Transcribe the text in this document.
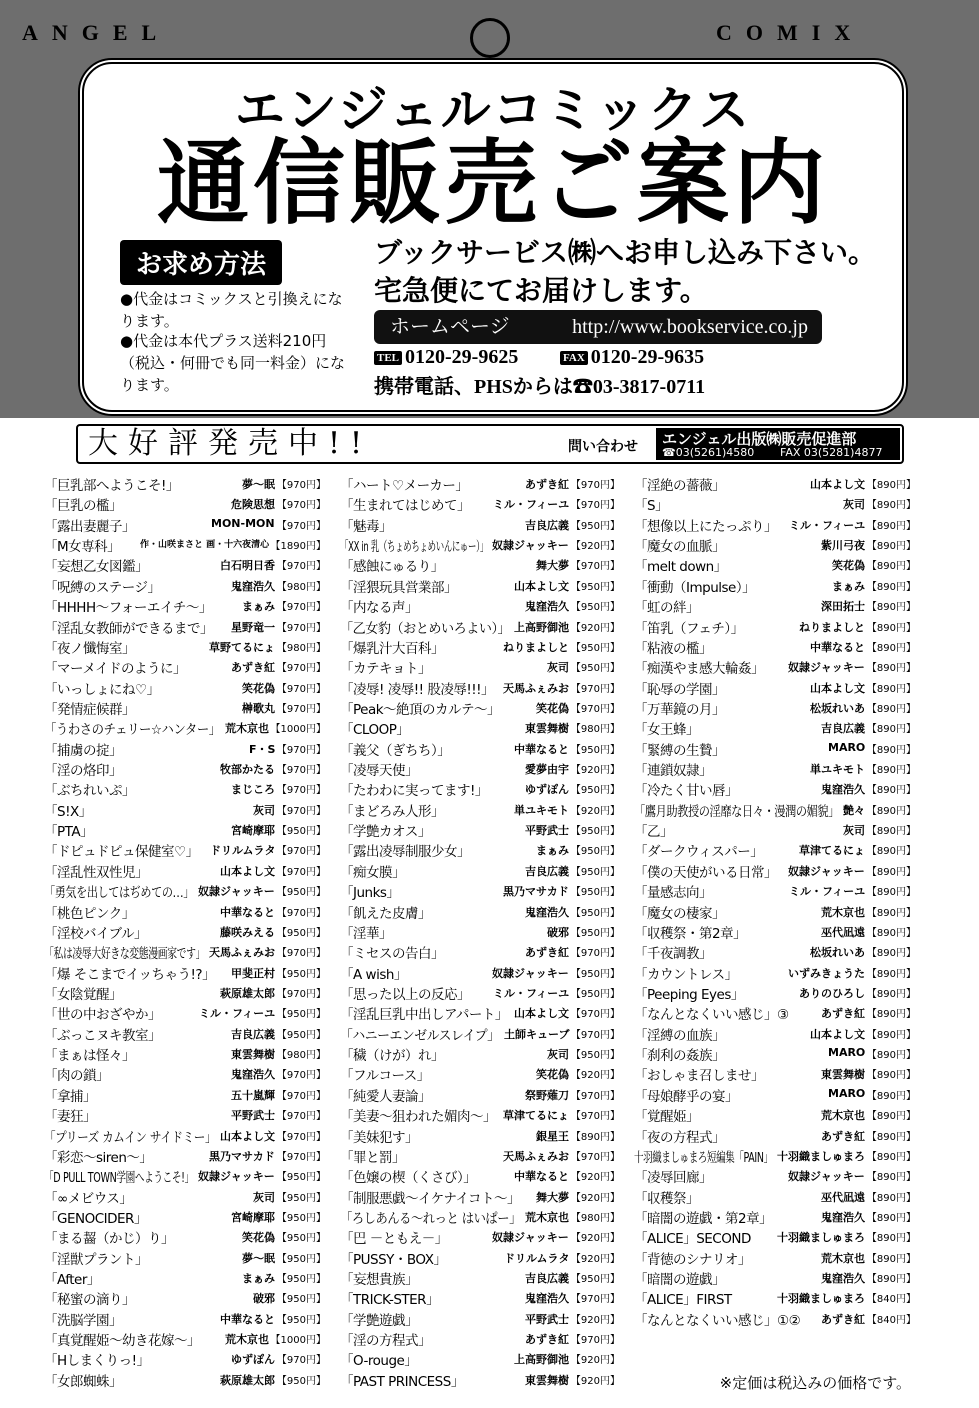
ANGEL	COMIX
エンジェルコミックス
通信販売ご案内
お求め方法
●代金はコミックスと引換えになります。
●代金は本代プラス送料210円（税込・何冊でも同一料金）になります。
ブックサービス㈱へお申し込み下さい。
宅急便にてお届けします。
ホームページ	http://www.bookservice.co.jp
TEL 0120-29-9625	FAX 0120-29-9635
携帯電話、PHSからは☎03-3817-0711
大好評発売中!!	問い合わせ エンジェル出版㈱販売促進部
☎03(5261)4580 FAX 03(5281)4877
「巨乳部へようこそ!」	夢～眠 【970円】
「巨乳の檻」	危険思想 【970円】
「露出妻麗子」	MON-MON 【970円】
「M女専科」 作・山咲まさと 画・十六夜清心 【1890円】
「妄想乙女図鑑」	白石明日香 【970円】
「呪縛のステージ」	鬼窪浩久 【980円】
「HHHH～フォーエイチ～」	まぁみ 【970円】
「淫乱女教師ができるまで」 星野竜一 【970円】
「夜ノ懺悔室」	草野てるにょ 【980円】
「マーメイドのように」	あずき紅 【970円】
「いっしょにね♡」	笑花偽 【970円】
「発情症候群」	榊歌丸 【970円】
「うわさのチェリー☆ハンター」 荒木京也 【1000円】
「捕虜の掟」	F・S 【970円】
「淫の烙印」	牧部かたる 【970円】
「ぶちれいぷ」	まじころ 【970円】
「S!X」	灰司 【970円】
「PTA」	宮崎摩耶 【950円】
「ドピュドピュ保健室♡」 ドリルムラタ 【970円】
「淫乱性双性児」	山本よし文 【970円】
「勇気を出してはぢめての…」 奴隷ジャッキー 【950円】
「桃色ピンク」	中華なると 【970円】
「淫校バイブル」	藤咲みえる 【950円】
「私は凌辱大好きな変態漫画家です」 天馬ふぇみお 【970円】
「爆 そこまでイッちゃう!?」 甲斐正村 【950円】
「女陰覚醒」	萩原雄太郎 【970円】
「世の中おざやか」	ミル・フィーユ 【950円】
「ぶっこヌキ教室」	吉良広義 【950円】
「まぁは怪々」	東雲舞樹 【980円】
「肉の鎖」	鬼窪浩久 【970円】
「拿捕」	五十嵐輝 【970円】
「妻狂」	平野武士 【970円】
「プリーズ カムイン サイドミー」 山本よし文 【970円】
「彩恋～siren～」	黒乃マサカド 【970円】
「D PULL TOWN学園へようこそ!」 奴隷ジャッキー 【950円】
「∞メビウス」	灰司 【950円】
「GENOCIDER」	宮崎摩耶 【950円】
「まる齧（かじ）り」	笑花偽 【950円】
「淫獣プラント」	夢～眠 【950円】
「After」	まぁみ 【950円】
「秘蜜の滴り」	破邪 【950円】
「洗脳学園」	中華なると 【950円】
「真覚醒姫～幼き花嫁～」 荒木京也 【1000円】
「Hしまくりっ!」	ゆずぽん 【970円】
「女郎蜘蛛」	萩原雄太郎 【950円】
「ハート♡メーカー」	あずき紅 【970円】
「生まれてはじめて」 ミル・フィーユ 【970円】
「魅毒」	吉良広義 【950円】
「XX in 乳（ちょめちょめいんにゅー）」 奴隷ジャッキー 【920円】
「感蝕にゅるり」	舞大夢 【970円】
「淫猥玩具営業部」	山本よし文 【950円】
「内なる声」	鬼窪浩久 【950円】
「乙女豹（おとめいろよい）」 上高野御池 【920円】
「爆乳汁大百科」	ねりまよしと 【950円】
「カテキョト」	灰司 【950円】
「凌辱! 凌辱!! 股凌辱!!!」 天馬ふぇみお 【970円】
「Peak～絶頂のカルテ～」	笑花偽 【970円】
「CLOOP」	東雲舞樹 【980円】
「義父（ぎちち）」	中華なると 【950円】
「凌辱天使」	愛夢由宇 【920円】
「たわわに実ってます!」	ゆずぽん 【950円】
「まどろみ人形」	単ユキモト 【920円】
「学艶カオス」	平野武士 【950円】
「露出凌辱制服少女」	まぁみ 【950円】
「痴女膜」	吉良広義 【950円】
「Junks」	黒乃マサカド 【950円】
「飢えた皮膚」	鬼窪浩久 【950円】
「淫華」	破邪 【950円】
「ミセスの告白」	あずき紅 【970円】
「A wish」	奴隷ジャッキー 【950円】
「思った以上の反応」 ミル・フィーユ 【950円】
「淫乱巨乳中出しアパート」 山本よし文 【970円】
「ハニーエンゼルスレイプ」 土師キューブ 【970円】
「穢（けが）れ」	灰司 【950円】
「フルコース」	笑花偽 【920円】
「純愛人妻論」	祭野薙刀 【970円】
「美妻～狙われた媚肉～」 草津てるにょ 【970円】
「美妹犯す」	銀星王 【890円】
「罪と罰」	天馬ふぇみお 【970円】
「色嬢の楔（くさび）」	中華なると 【920円】
「制服悪戯～イケナイコト～」 舞大夢 【920円】
「ろしあんる～れっと はいぱー」 荒木京也 【980円】
「巴 －ともえ－」	奴隷ジャッキー 【920円】
「PUSSY・BOX」	ドリルムラタ 【920円】
「妄想貴族」	吉良広義 【950円】
「TRICK-STER」	鬼窪浩久 【970円】
「学艶遊戯」	平野武士 【920円】
「淫の方程式」	あずき紅 【970円】
「O-rouge」	上高野御池 【920円】
「PAST PRINCESS」	東雲舞樹 【920円】
「淫絶の薔薇」	山本よし文 【890円】
「S」	灰司 【890円】
「想像以上にたっぷり」 ミル・フィーユ 【890円】
「魔女の血脈」	紫川弓夜 【890円】
「melt down」	笑花偽 【890円】
「衝動（Impulse）」	まぁみ 【890円】
「虹の絆」	深田拓士 【890円】
「笛乳（フェチ）」	ねりまよしと 【890円】
「粘液の檻」	中華なると 【890円】
「痴漢やま感大輪姦」 奴隷ジャッキー 【890円】
「恥辱の学園」	山本よし文 【890円】
「万華鏡の月」	松坂れいあ 【890円】
「女王蜂」	吉良広義 【890円】
「緊縛の生贄」	MARO 【890円】
「連鎖奴隷」	単ユキモト 【890円】
「冷たく甘い唇」	鬼窪浩久 【890円】
「鷹月助教授の淫靡な日々・漫潤の媚貌」 艶々 【890円】
「乙」	灰司 【890円】
「ダークウィスパー」	草津てるにょ 【890円】
「僕の天使がいる日常」 奴隷ジャッキー 【890円】
「量感志向」	ミル・フィーユ 【890円】
「魔女の棲家」	荒木京也 【890円】
「収穫祭・第2章」	巫代凪遠 【890円】
「千夜調教」	松坂れいあ 【890円】
「カウントレス」	いずみきょうた 【890円】
「Peeping Eyes」	ありのひろし 【890円】
「なんとなくいい感じ」③	あずき紅 【890円】
「淫縛の血族」	山本よし文 【890円】
「刹利の姦族」	MARO 【890円】
「おしゃま召しませ」	東雲舞樹 【890円】
「母娘酵乎の宴」	MARO 【890円】
「覚醒姫」	荒木京也 【890円】
「夜の方程式」	あずき紅 【890円】
十羽織ましゅまろ短編集「PAIN」 十羽織ましゅまろ 【890円】
「凌辱回廊」	奴隷ジャッキー 【890円】
「収穫祭」	巫代凪遠 【890円】
「暗闇の遊戯・第2章」	鬼窪浩久 【890円】
「ALICE」SECOND 十羽織ましゅまろ 【890円】
「背徳のシナリオ」	荒木京也 【890円】
「暗闇の遊戯」	鬼窪浩久 【890円】
「ALICE」FIRST	十羽織ましゅまろ 【840円】
「なんとなくいい感じ」①② あずき紅 【840円】
※定価は税込みの価格です。
